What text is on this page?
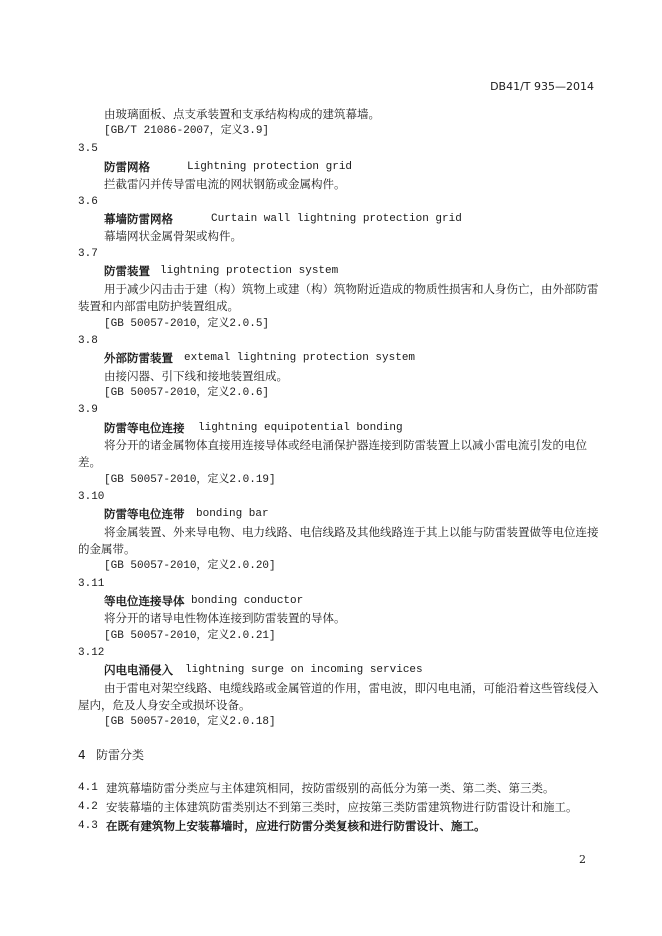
DB41/T 935—2014
由玻璃面板、点支承装置和支承结构构成的建筑幕墙。
[GB/T 21086-2007，定义3.9]
3.5
防雷网格	Lightning protection grid
拦截雷闪并传导雷电流的网状钢筋或金属构件。
3.6
幕墙防雷网格	Curtain wall lightning protection grid
幕墙网状金属骨架或构件。
3.7
防雷装置 lightning protection system
用于减少闪击击于建（构）筑物上或建（构）筑物附近造成的物质性损害和人身伤亡，由外部防雷
装置和内部雷电防护装置组成。
[GB 50057-2010，定义2.0.5]
3.8
外部防雷装置 extemal lightning protection system
由接闪器、引下线和接地装置组成。
[GB 50057-2010，定义2.0.6]
3.9
防雷等电位连接 lightning equipotential bonding
将分开的诸金属物体直接用连接导体或经电涌保护器连接到防雷装置上以减小雷电流引发的电位
差。
[GB 50057-2010，定义2.0.19]
3.10
防雷等电位连带 bonding bar
将金属装置、外来导电物、电力线路、电信线路及其他线路连于其上以能与防雷装置做等电位连接
的金属带。
[GB 50057-2010，定义2.0.20]
3.11
等电位连接导体 bonding conductor
将分开的诸导电性物体连接到防雷装置的导体。
[GB 50057-2010，定义2.0.21]
3.12
闪电电涌侵入 lightning surge on incoming services
由于雷电对架空线路、电缆线路或金属管道的作用，雷电波，即闪电电涌，可能沿着这些管线侵入
屋内，危及人身安全或损坏设备。
[GB 50057-2010，定义2.0.18]
4 防雷分类
4.1 建筑幕墙防雷分类应与主体建筑相同，按防雷级别的高低分为第一类、第二类、第三类。
4.2 安装幕墙的主体建筑防雷类别达不到第三类时，应按第三类防雷建筑物进行防雷设计和施工。
4.3 在既有建筑物上安装幕墙时，应进行防雷分类复核和进行防雷设计、施工。
2
